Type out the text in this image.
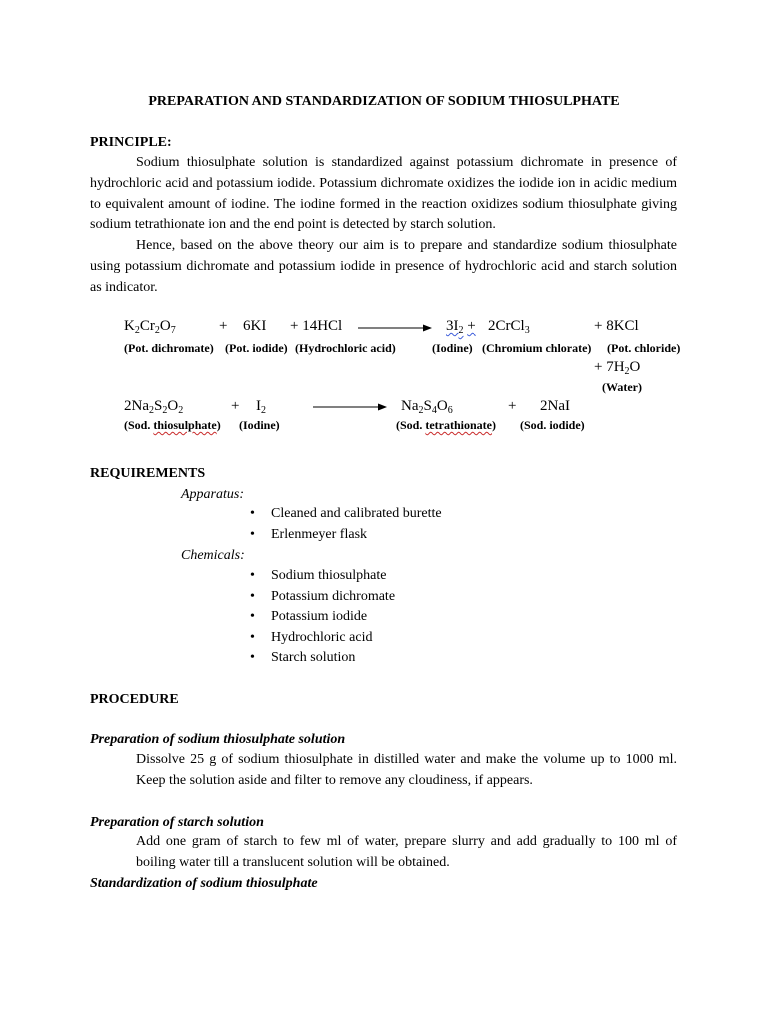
PREPARATION AND STANDARDIZATION OF SODIUM THIOSULPHATE
PRINCIPLE:
Sodium thiosulphate solution is standardized against potassium dichromate in presence of hydrochloric acid and potassium iodide. Potassium dichromate oxidizes the iodide ion in acidic medium to equivalent amount of iodine. The iodine formed in the reaction oxidizes sodium thiosulphate giving sodium tetrathionate ion and the end point is detected by starch solution.
Hence, based on the above theory our aim is to prepare and standardize sodium thiosulphate using potassium dichromate and potassium iodide in presence of hydrochloric acid and starch solution as indicator.
$K_2Cr_2O_7$	+ 6KI + 14HCl	$3I_2$ + 2CrCl$_3$	+ 8KCl
(Pot. dichromate) (Pot. iodide) (Hydrochloric acid)	(Iodine) (Chromium chlorate) (Pot. chloride)
+ $7H_2O$
(Water)
$2Na_2S_2O_2$	+ $I_2$	$Na_2S_4O_6$	+ 2NaI
(Sod. thiosulphate) (Iodine)	(Sod. tetrathionate) (Sod. iodide)
REQUIREMENTS
Apparatus:
• Cleaned and calibrated burette
• Erlenmeyer flask
Chemicals:
• Sodium thiosulphate
• Potassium dichromate
• Potassium iodide
• Hydrochloric acid
• Starch solution
PROCEDURE
Preparation of sodium thiosulphate solution
Dissolve 25 g of sodium thiosulphate in distilled water and make the volume up to 1000 ml. Keep the solution aside and filter to remove any cloudiness, if appears.
Preparation of starch solution
Add one gram of starch to few ml of water, prepare slurry and add gradually to 100 ml of boiling water till a translucent solution will be obtained.
Standardization of sodium thiosulphate
